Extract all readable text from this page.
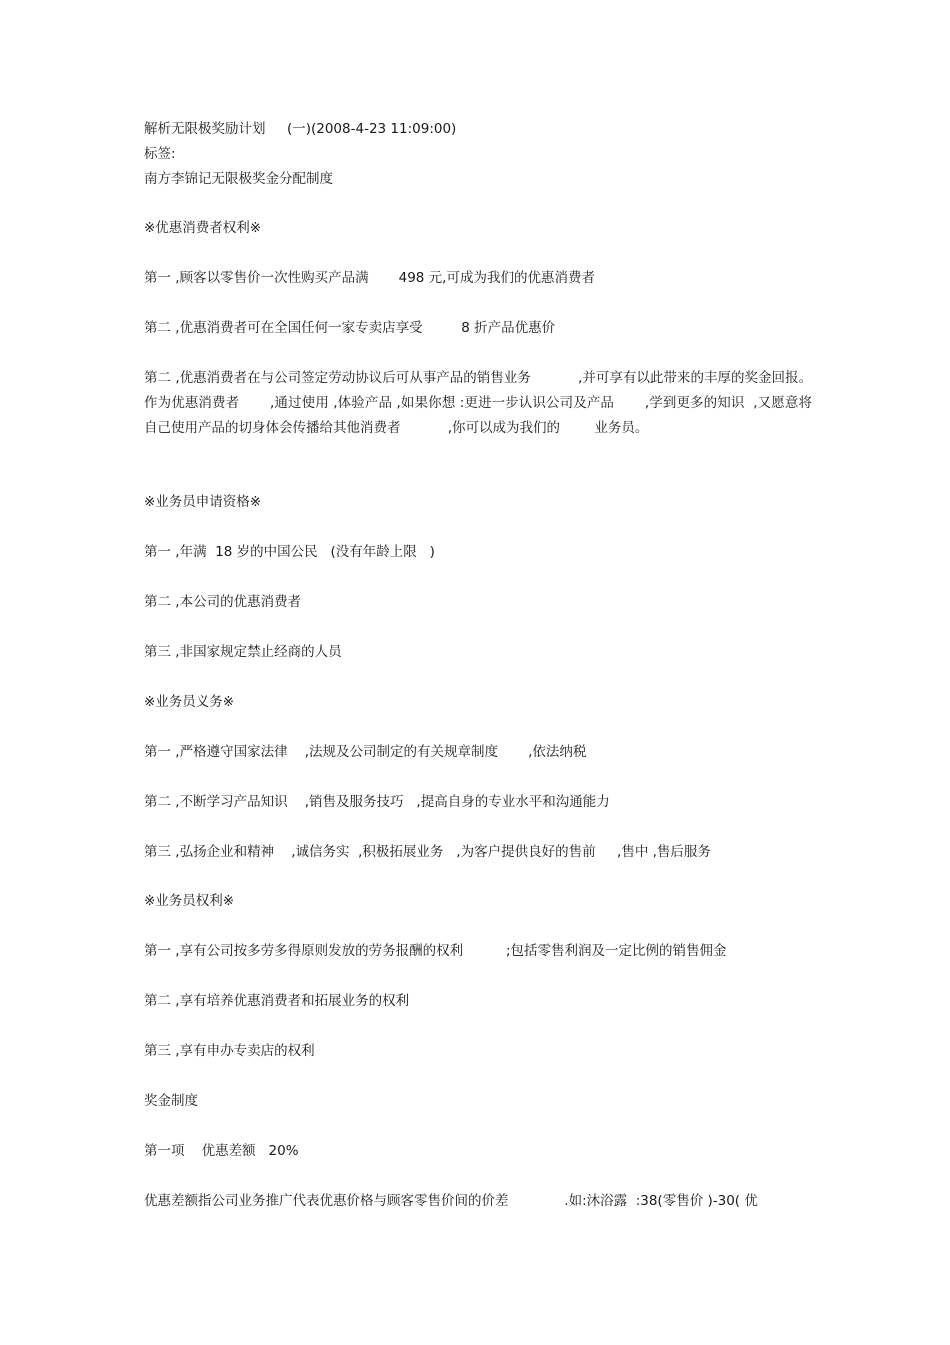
解析无限极奖励计划     (一)(2008-4-23 11:09:00)
标签:
南方李锦记无限极奖金分配制度
※优惠消费者权利※
第一 ,顾客以零售价一次性购买产品满       498 元,可成为我们的优惠消费者
第二 ,优惠消费者可在全国任何一家专卖店享受         8 折产品优惠价
第二 ,优惠消费者在与公司签定劳动协议后可从事产品的销售业务           ,并可享有以此带来的丰厚的奖金回报。作为优惠消费者       ,通过使用 ,体验产品 ,如果你想 :更进一步认识公司及产品       ,学到更多的知识  ,又愿意将自己使用产品的切身体会传播给其他消费者           ,你可以成为我们的        业务员。
※业务员申请资格※
第一 ,年满  18 岁的中国公民   (没有年龄上限   )
第二 ,本公司的优惠消费者
第三 ,非国家规定禁止经商的人员
※业务员义务※
第一 ,严格遵守国家法律    ,法规及公司制定的有关规章制度       ,依法纳税
第二 ,不断学习产品知识    ,销售及服务技巧   ,提高自身的专业水平和沟通能力
第三 ,弘扬企业和精神    ,诚信务实  ,积极拓展业务   ,为客户提供良好的售前     ,售中 ,售后服务
※业务员权利※
第一 ,享有公司按多劳多得原则发放的劳务报酬的权利          ;包括零售利润及一定比例的销售佣金
第二 ,享有培养优惠消费者和拓展业务的权利
第三 ,享有申办专卖店的权利
奖金制度
第一项    优惠差额   20%
优惠差额指公司业务推广代表优惠价格与顾客零售价间的价差             .如:沐浴露  :38(零售价 )-30( 优
